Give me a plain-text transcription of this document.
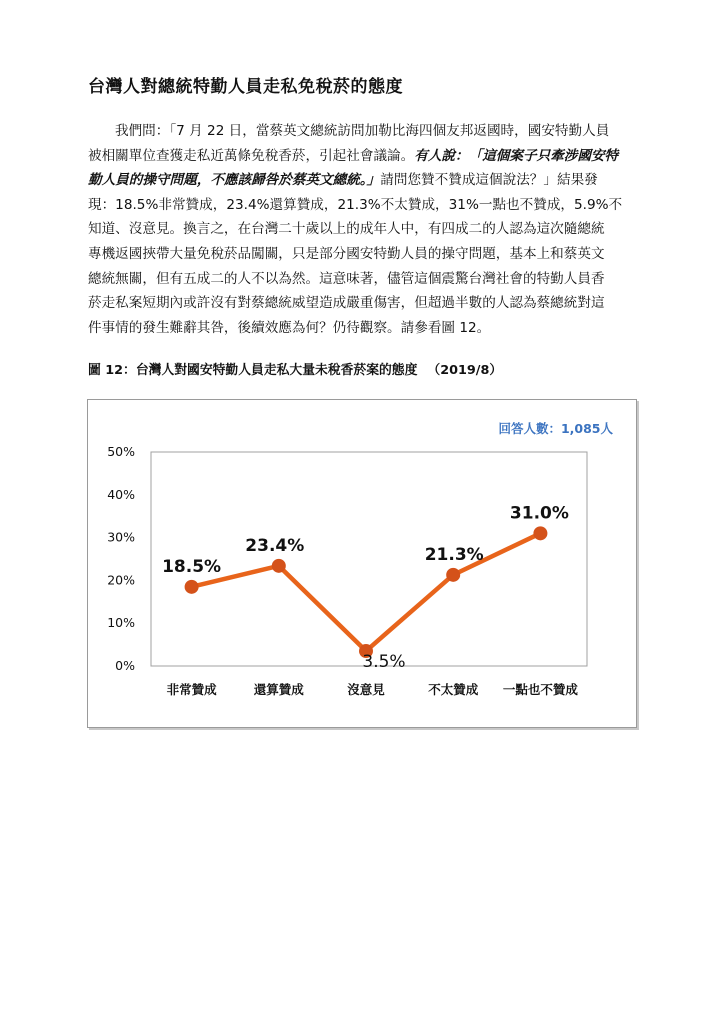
台灣人對總統特勤人員走私免稅菸的態度
我們問：「7 月 22 日，當蔡英文總統訪問加勒比海四個友邦返國時，國安特勤人員
被相關單位查獲走私近萬條免稅香菸，引起社會議論。有人說：「這個案子只牽涉國安特
勤人員的操守問題，不應該歸咎於蔡英文總統。」請問您贊不贊成這個說法？」結果發
現：18.5%非常贊成，23.4%還算贊成，21.3%不太贊成，31%一點也不贊成，5.9%不
知道、沒意見。換言之，在台灣二十歲以上的成年人中，有四成二的人認為這次隨總統
專機返國挾帶大量免稅菸品闖關，只是部分國安特勤人員的操守問題，基本上和蔡英文
總統無關，但有五成二的人不以為然。這意味著，儘管這個震驚台灣社會的特勤人員香
菸走私案短期內或許沒有對蔡總統威望造成嚴重傷害，但超過半數的人認為蔡總統對這
件事情的發生難辭其咎，後續效應為何？仍待觀察。請參看圖 12。
圖 12：台灣人對國安特勤人員走私大量未稅香菸案的態度 （2019/8）
回答人數：1,085人
0%
10%
20%
30%
40%
50%
非常贊成	還算贊成	沒意見	不太贊成 一點也不贊成
18.5%
23.4%
3.5%
21.3%
31.0%
